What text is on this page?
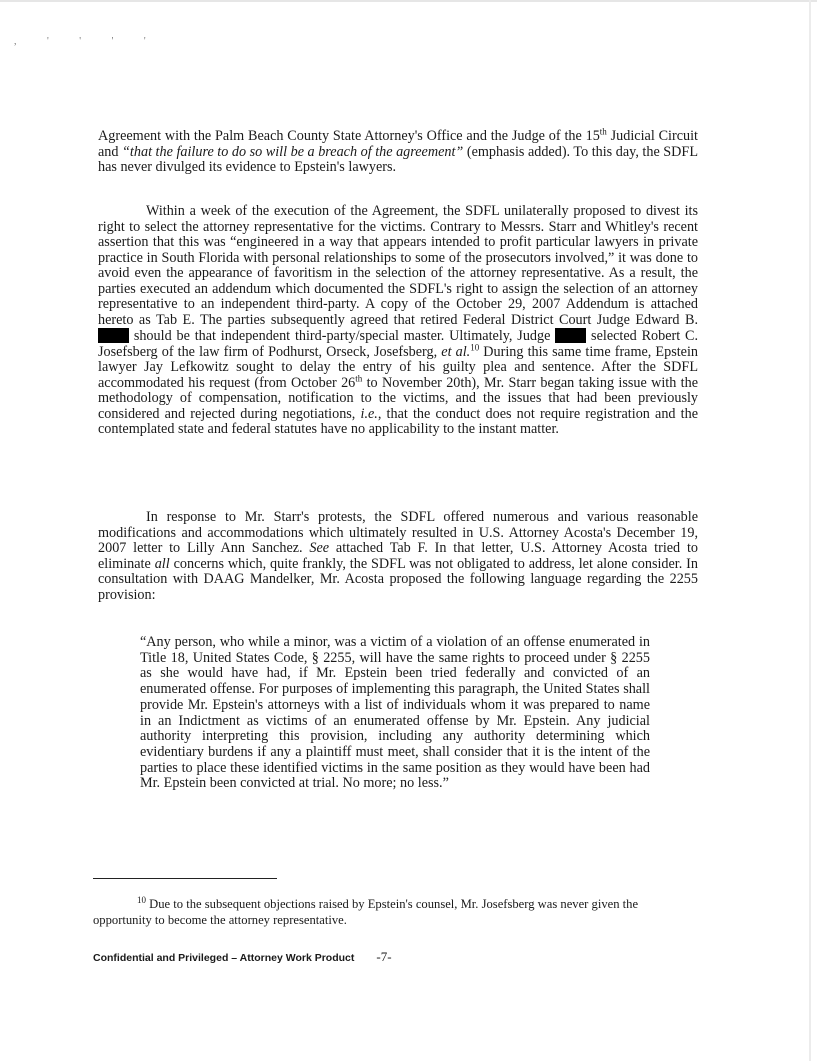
, ' ' ' '

Agreement with the Palm Beach County State Attorney's Office and the Judge of the 15th Judicial Circuit and “that the failure to do so will be a breach of the agreement” (emphasis added). To this day, the SDFL has never divulged its evidence to Epstein's lawyers.

Within a week of the execution of the Agreement, the SDFL unilaterally proposed to divest its right to select the attorney representative for the victims. Contrary to Messrs. Starr and Whitley's recent assertion that this was “engineered in a way that appears intended to profit particular lawyers in private practice in South Florida with personal relationships to some of the prosecutors involved,” it was done to avoid even the appearance of favoritism in the selection of the attorney representative. As a result, the parties executed an addendum which documented the SDFL's right to assign the selection of an attorney representative to an independent third-party. A copy of the October 29, 2007 Addendum is attached hereto as Tab E. The parties subsequently agreed that retired Federal District Court Judge Edward B.  should be that independent third-party/special master. Ultimately, Judge  selected Robert C. Josefsberg of the law firm of Podhurst, Orseck, Josefsberg, et al.$^{10}$ During this same time frame, Epstein lawyer Jay Lefkowitz sought to delay the entry of his guilty plea and sentence. After the SDFL accommodated his request (from October 26th to November 20th), Mr. Starr began taking issue with the methodology of compensation, notification to the victims, and the issues that had been previously considered and rejected during negotiations, i.e., that the conduct does not require registration and the contemplated state and federal statutes have no applicability to the instant matter.

In response to Mr. Starr's protests, the SDFL offered numerous and various reasonable modifications and accommodations which ultimately resulted in U.S. Attorney Acosta's December 19, 2007 letter to Lilly Ann Sanchez. See attached Tab F. In that letter, U.S. Attorney Acosta tried to eliminate all concerns which, quite frankly, the SDFL was not obligated to address, let alone consider. In consultation with DAAG Mandelker, Mr. Acosta proposed the following language regarding the 2255 provision:

“Any person, who while a minor, was a victim of a violation of an offense enumerated in Title 18, United States Code, § 2255, will have the same rights to proceed under § 2255 as she would have had, if Mr. Epstein been tried federally and convicted of an enumerated offense. For purposes of implementing this paragraph, the United States shall provide Mr. Epstein's attorneys with a list of individuals whom it was prepared to name in an Indictment as victims of an enumerated offense by Mr. Epstein. Any judicial authority interpreting this provision, including any authority determining which evidentiary burdens if any a plaintiff must meet, shall consider that it is the intent of the parties to place these identified victims in the same position as they would have been had Mr. Epstein been convicted at trial. No more; no less.”

$^{10}$ Due to the subsequent objections raised by Epstein's counsel, Mr. Josefsberg was never given the opportunity to become the attorney representative.

Confidential and Privileged – Attorney Work Product -7-
